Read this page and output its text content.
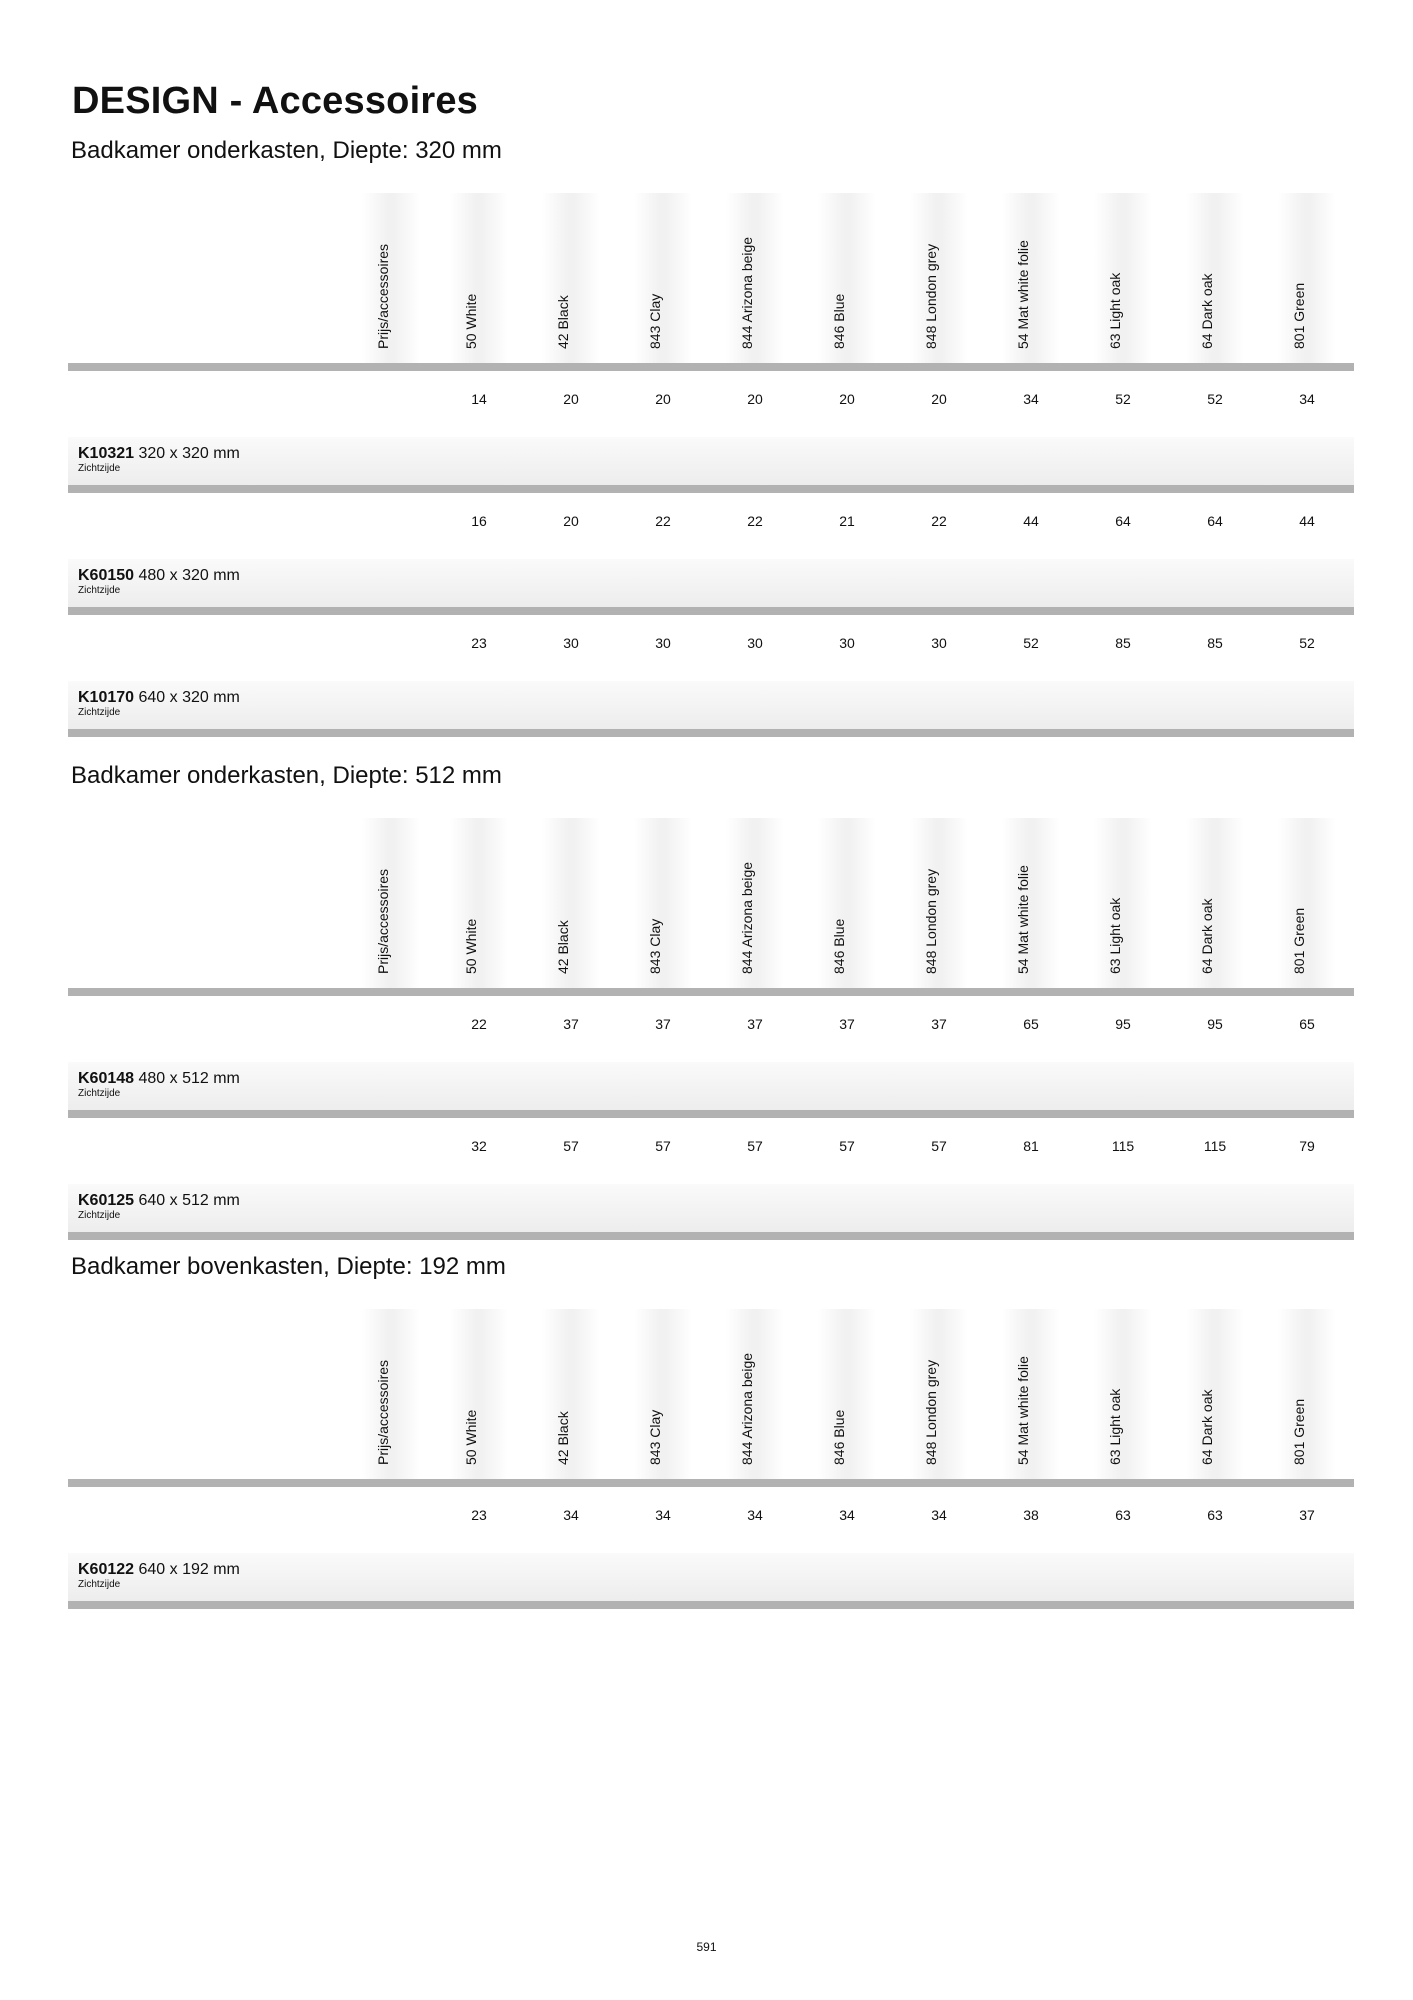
DESIGN - Accessoires
Badkamer onderkasten, Diepte: 320 mm
Prijs/accessoires	50 White	42 Black	843 Clay	844 Arizona beige	846 Blue	848 London grey	54 Mat white folie	63 Light oak	64 Dark oak	801 Green
14	20	20	20	20	20	34	52	52	34
K10321 320 x 320 mm
Zichtzijde
16	20	22	22	21	22	44	64	64	44
K60150 480 x 320 mm
Zichtzijde
23	30	30	30	30	30	52	85	85	52
K10170 640 x 320 mm
Zichtzijde
Badkamer onderkasten, Diepte: 512 mm
Prijs/accessoires	50 White	42 Black	843 Clay	844 Arizona beige	846 Blue	848 London grey	54 Mat white folie	63 Light oak	64 Dark oak	801 Green
22	37	37	37	37	37	65	95	95	65
K60148 480 x 512 mm
Zichtzijde
32	57	57	57	57	57	81	115	115	79
K60125 640 x 512 mm
Zichtzijde
Badkamer bovenkasten, Diepte: 192 mm
Prijs/accessoires	50 White	42 Black	843 Clay	844 Arizona beige	846 Blue	848 London grey	54 Mat white folie	63 Light oak	64 Dark oak	801 Green
23	34	34	34	34	34	38	63	63	37
K60122 640 x 192 mm
Zichtzijde
591
